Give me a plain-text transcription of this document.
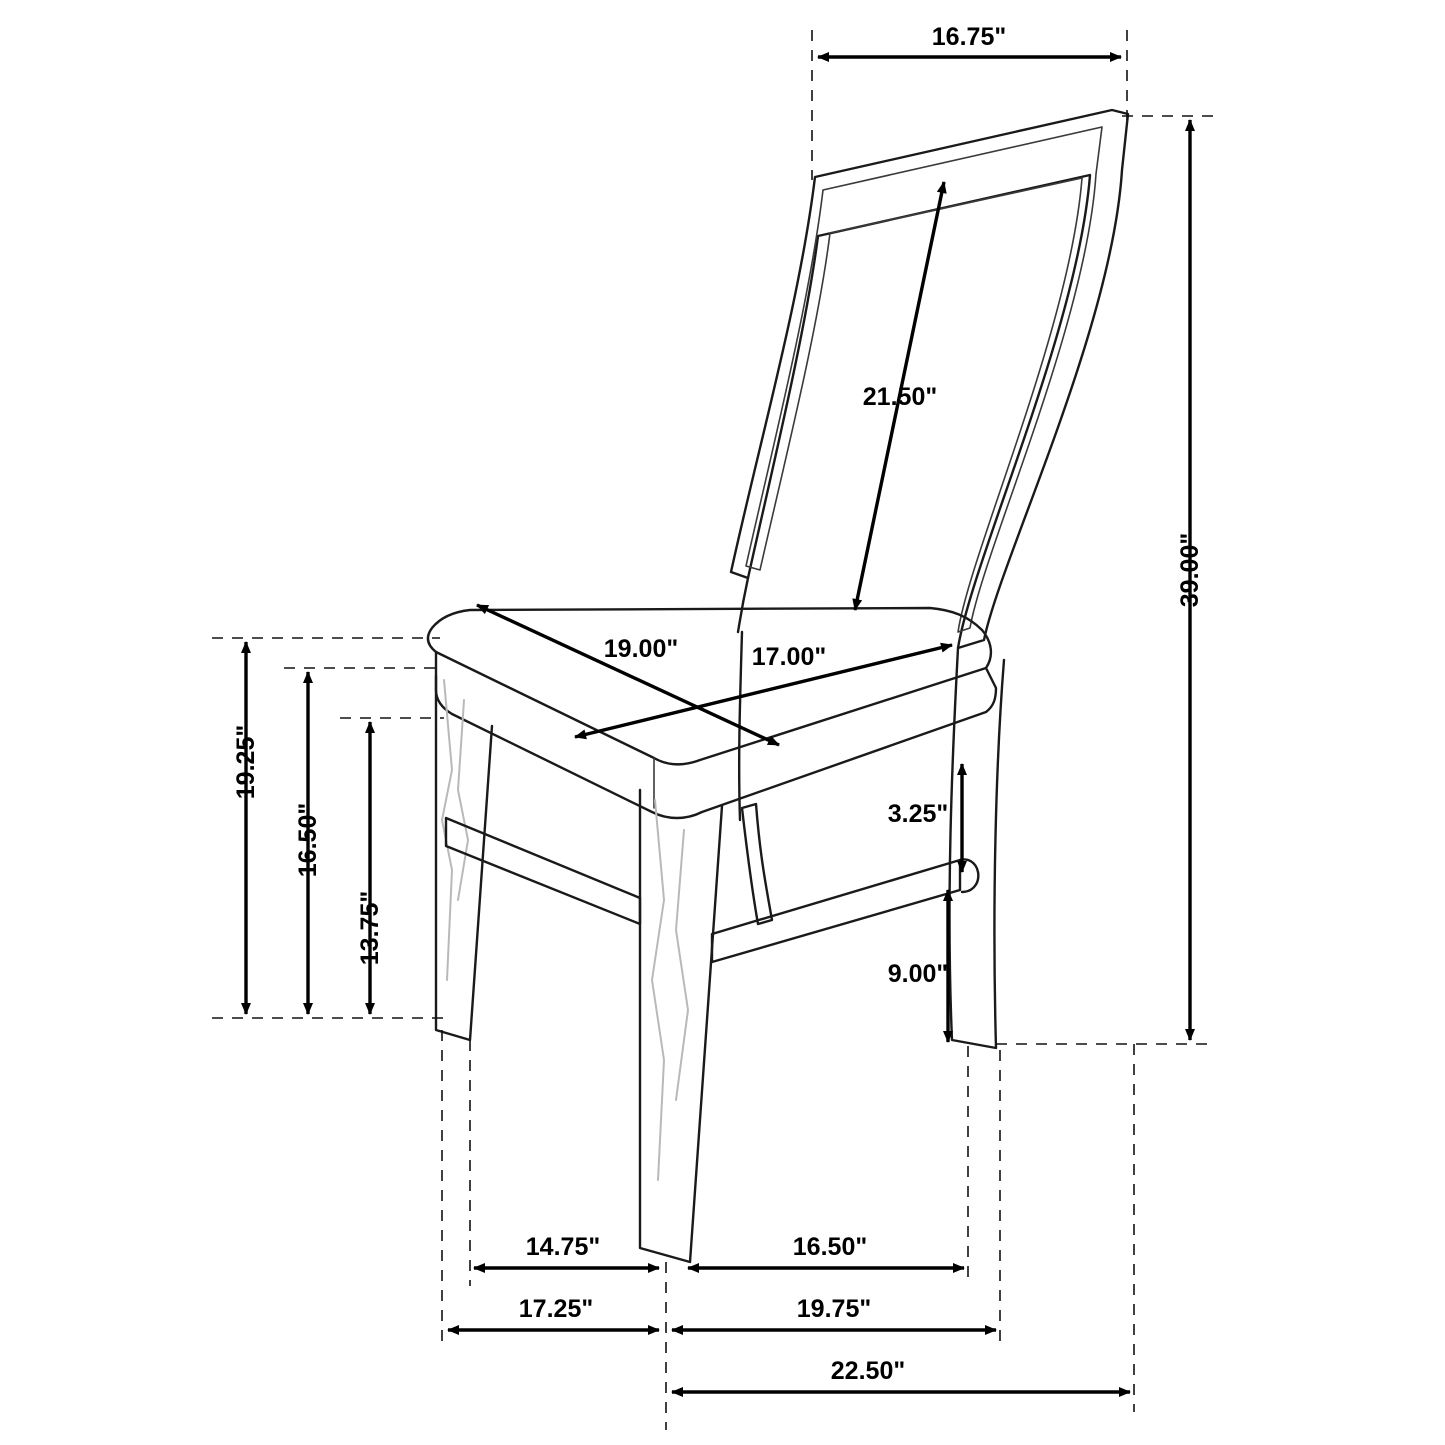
16.75"
39.00"
21.50"
19.00"	17.00"
19.25"
16.50"
13.75"
3.25"
9.00"
14.75"	16.50"
17.25"	19.75"
22.50"
